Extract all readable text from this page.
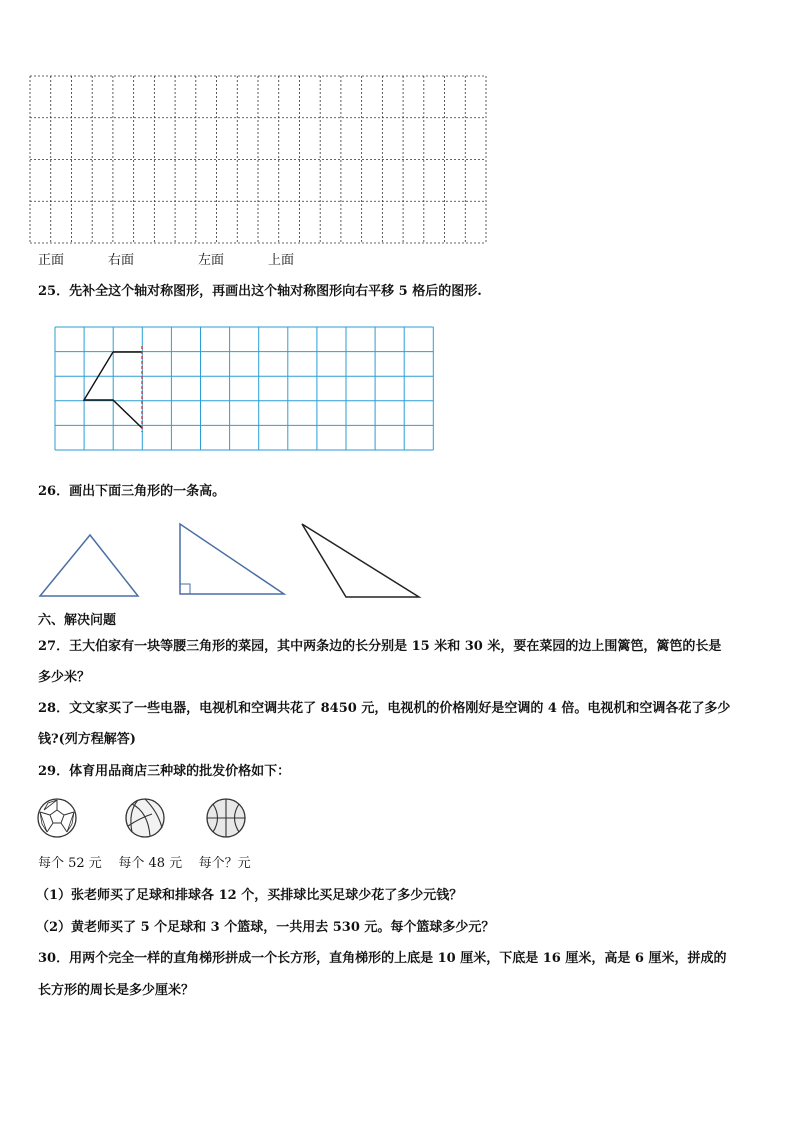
正面	右面	左面	上面
25．先补全这个轴对称图形，再画出这个轴对称图形向右平移 5 格后的图形.
26．画出下面三角形的一条高。
六、解决问题
27．王大伯家有一块等腰三角形的菜园，其中两条边的长分别是 15 米和 30 米，要在菜园的边上围篱笆，篱笆的长是
多少米？
28．文文家买了一些电器，电视机和空调共花了 8450 元，电视机的价格刚好是空调的 4 倍。电视机和空调各花了多少
钱?(列方程解答)
29．体育用品商店三种球的批发价格如下：
每个 52 元    每个 48 元    每个？元
（1）张老师买了足球和排球各 12 个，买排球比买足球少花了多少元钱？
（2）黄老师买了 5 个足球和 3 个篮球，一共用去 530 元。每个篮球多少元？
30．用两个完全一样的直角梯形拼成一个长方形，直角梯形的上底是 10 厘米，下底是 16 厘米，高是 6 厘米，拼成的
长方形的周长是多少厘米？
